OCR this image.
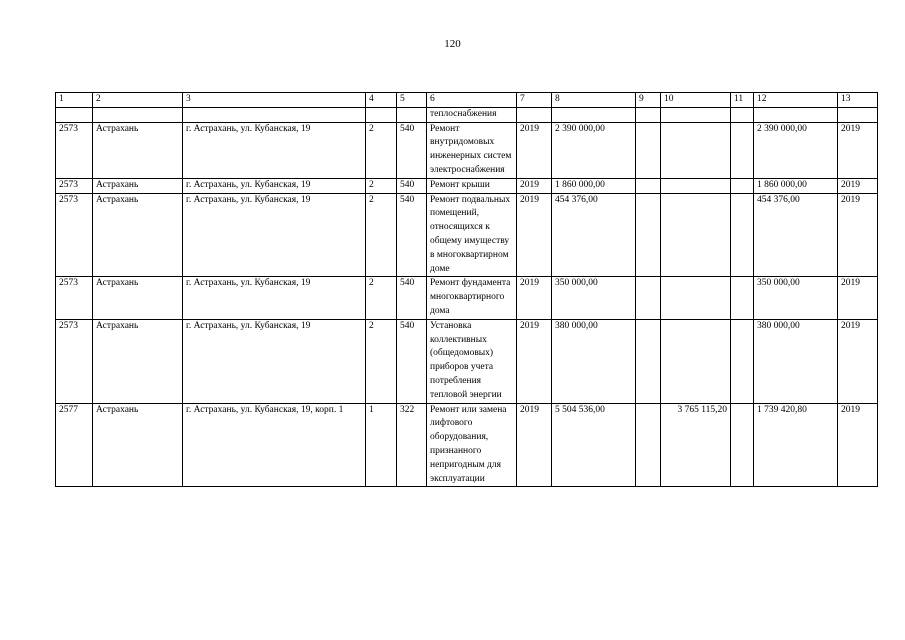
120
1	2	3	4	5	6	7	8	9	10	11	12	13
					теплоснабжения							
2573	Астрахань	г. Астрахань, ул. Кубанская, 19	2	540	Ремонт внутридомовых инженерных систем электроснабжения	2019	2 390 000,00				2 390 000,00	2019
2573	Астрахань	г. Астрахань, ул. Кубанская, 19	2	540	Ремонт крыши	2019	1 860 000,00				1 860 000,00	2019
2573	Астрахань	г. Астрахань, ул. Кубанская, 19	2	540	Ремонт подвальных помещений, относящихся к общему имуществу в многоквартирном доме	2019	454 376,00				454 376,00	2019
2573	Астрахань	г. Астрахань, ул. Кубанская, 19	2	540	Ремонт фундамента многоквартирного дома	2019	350 000,00				350 000,00	2019
2573	Астрахань	г. Астрахань, ул. Кубанская, 19	2	540	Установка коллективных (общедомовых) приборов учета потребления тепловой энергии	2019	380 000,00				380 000,00	2019
2577	Астрахань	г. Астрахань, ул. Кубанская, 19, корп. 1	1	322	Ремонт или замена лифтового оборудования, признанного непригодным для эксплуатации	2019	5 504 536,00		3 765 115,20		1 739 420,80	2019
